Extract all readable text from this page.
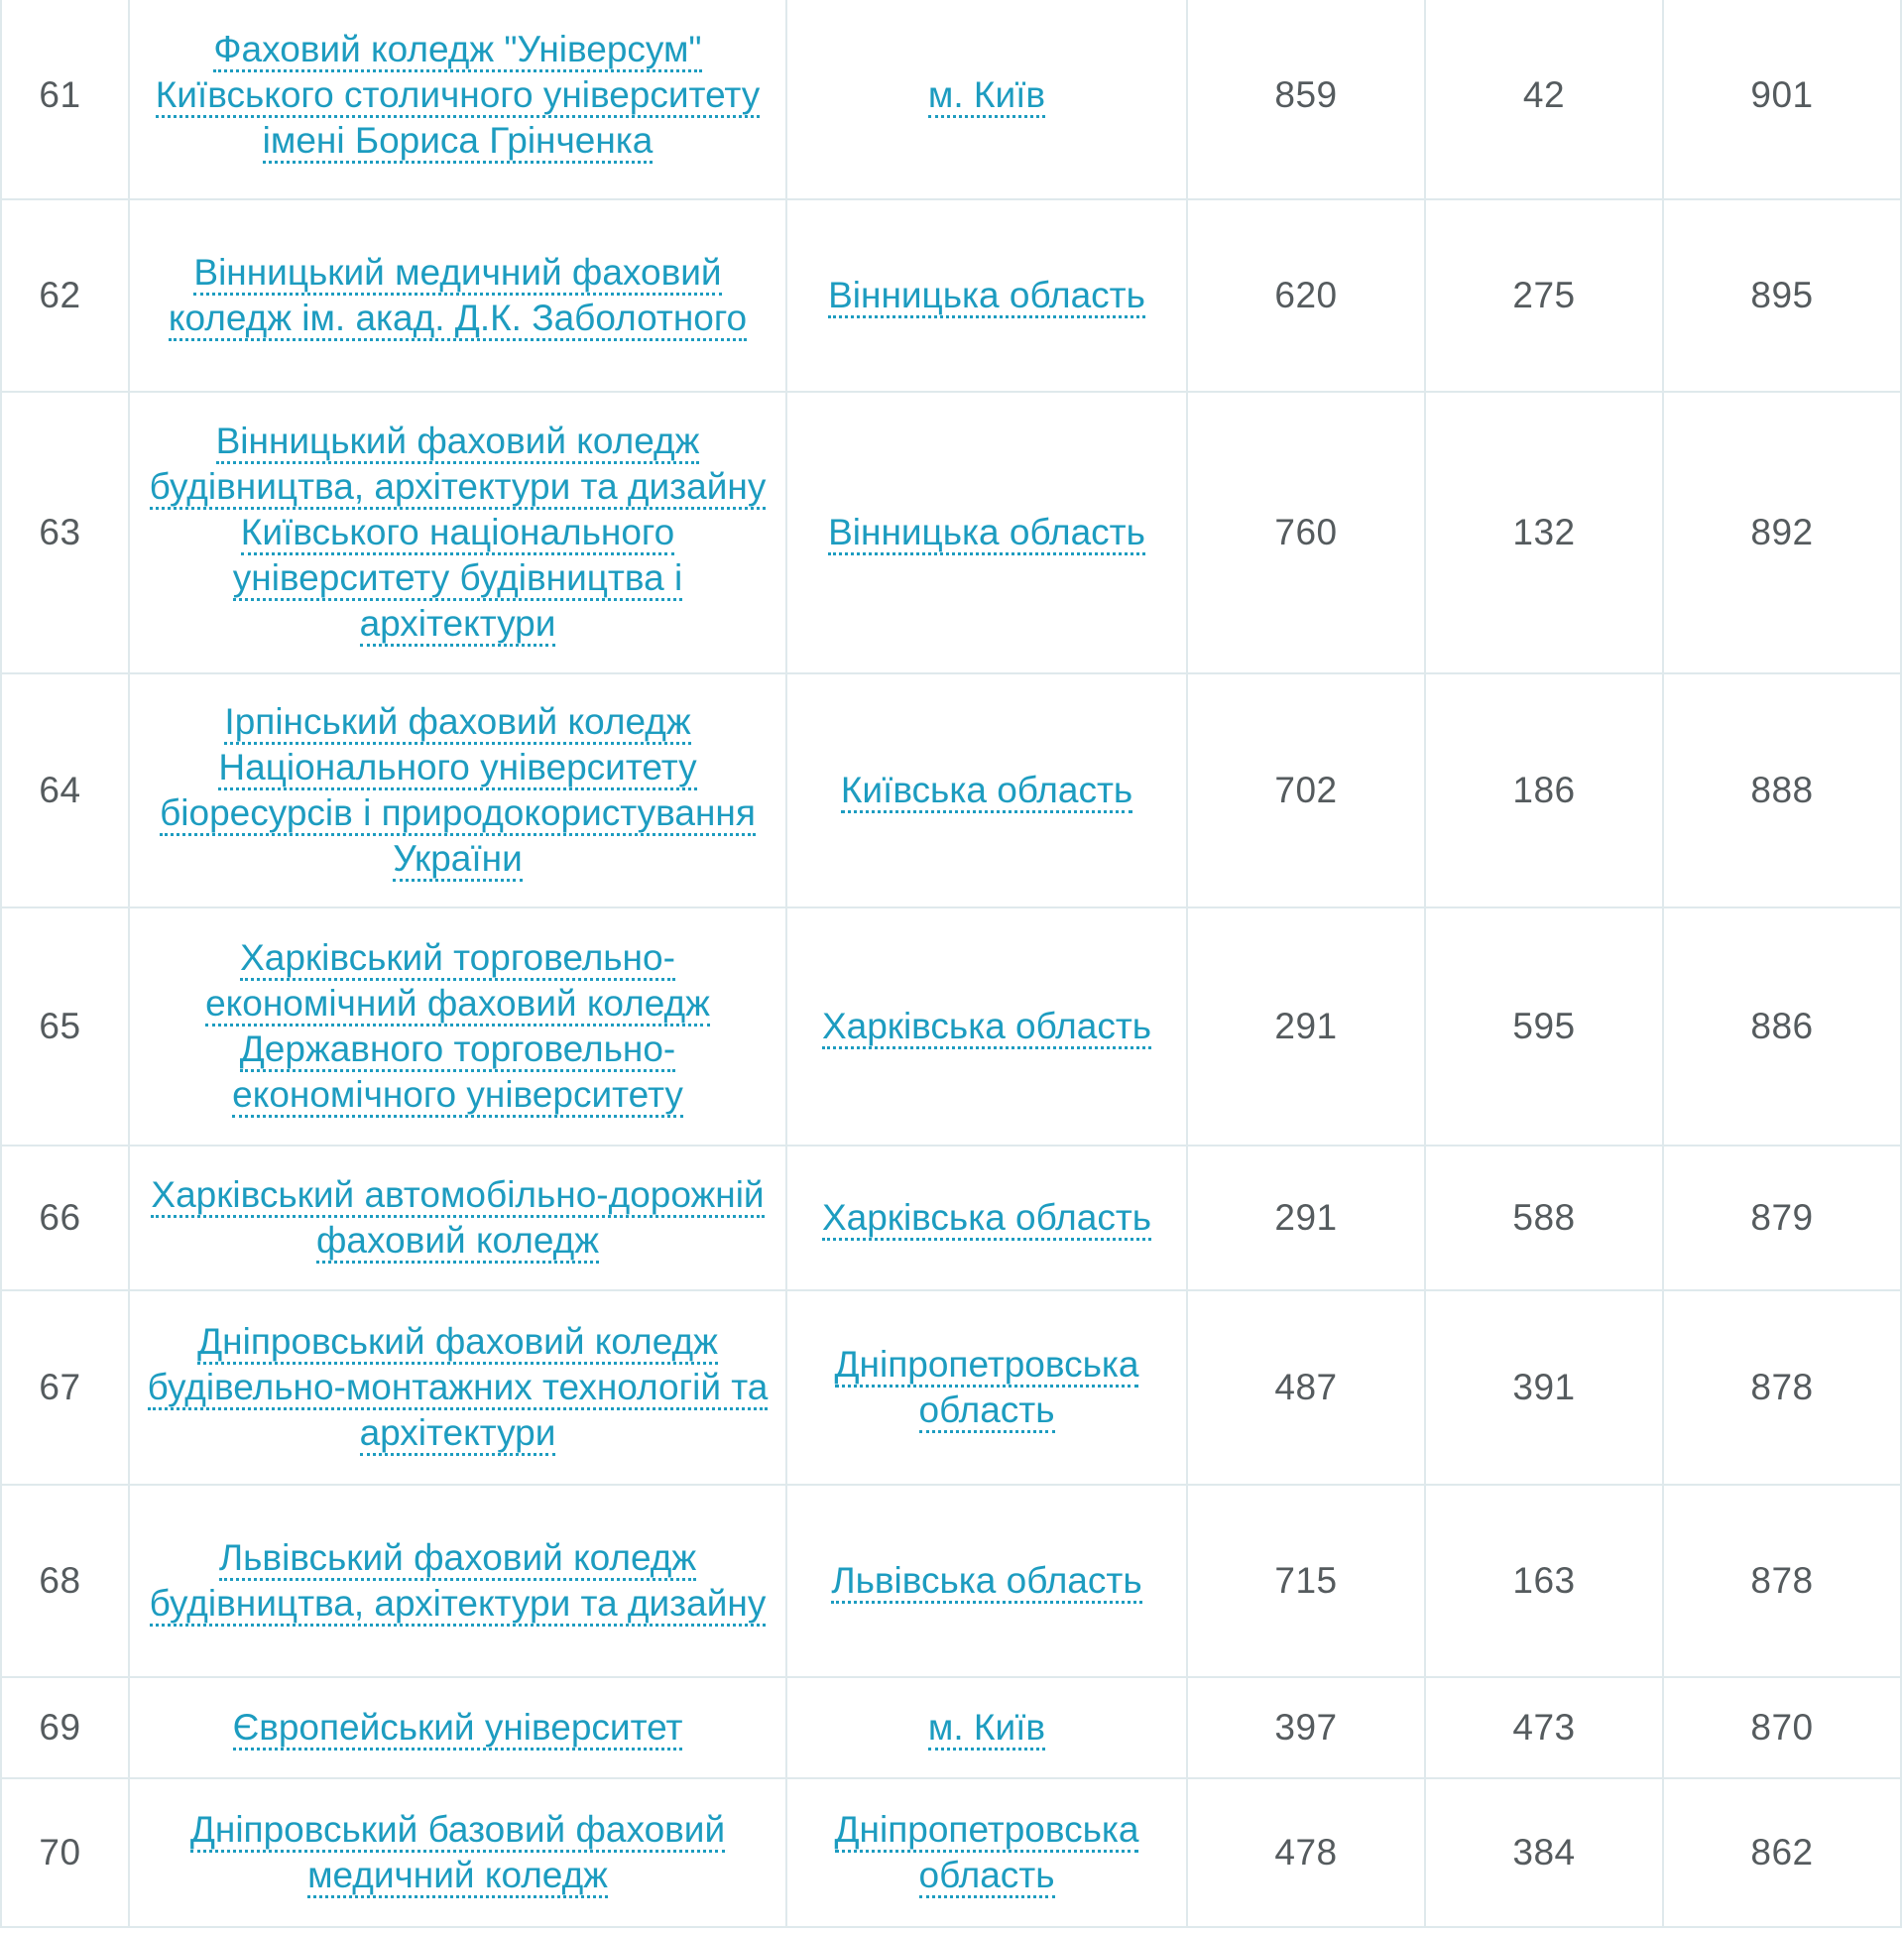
61	Фаховий коледж "Універсум" Київського столичного університету імені Бориса Грінченка	м. Київ	859	42	901
62	Вінницький медичний фаховий коледж ім. акад. Д.К. Заболотного	Вінницька область	620	275	895
63	Вінницький фаховий коледж будівництва, архітектури та дизайну Київського національного університету будівництва і архітектури	Вінницька область	760	132	892
64	Ірпінський фаховий коледж Національного університету біоресурсів і природокористування України	Київська область	702	186	888
65	Харківський торговельно-економічний фаховий коледж Державного торговельно-економічного університету	Харківська область	291	595	886
66	Харківський автомобільно-дорожній фаховий коледж	Харківська область	291	588	879
67	Дніпровський фаховий коледж будівельно-монтажних технологій та архітектури	Дніпропетровська область	487	391	878
68	Львівський фаховий коледж будівництва, архітектури та дизайну	Львівська область	715	163	878
69	Європейський університет	м. Київ	397	473	870
70	Дніпровський базовий фаховий медичний коледж	Дніпропетровська область	478	384	862
